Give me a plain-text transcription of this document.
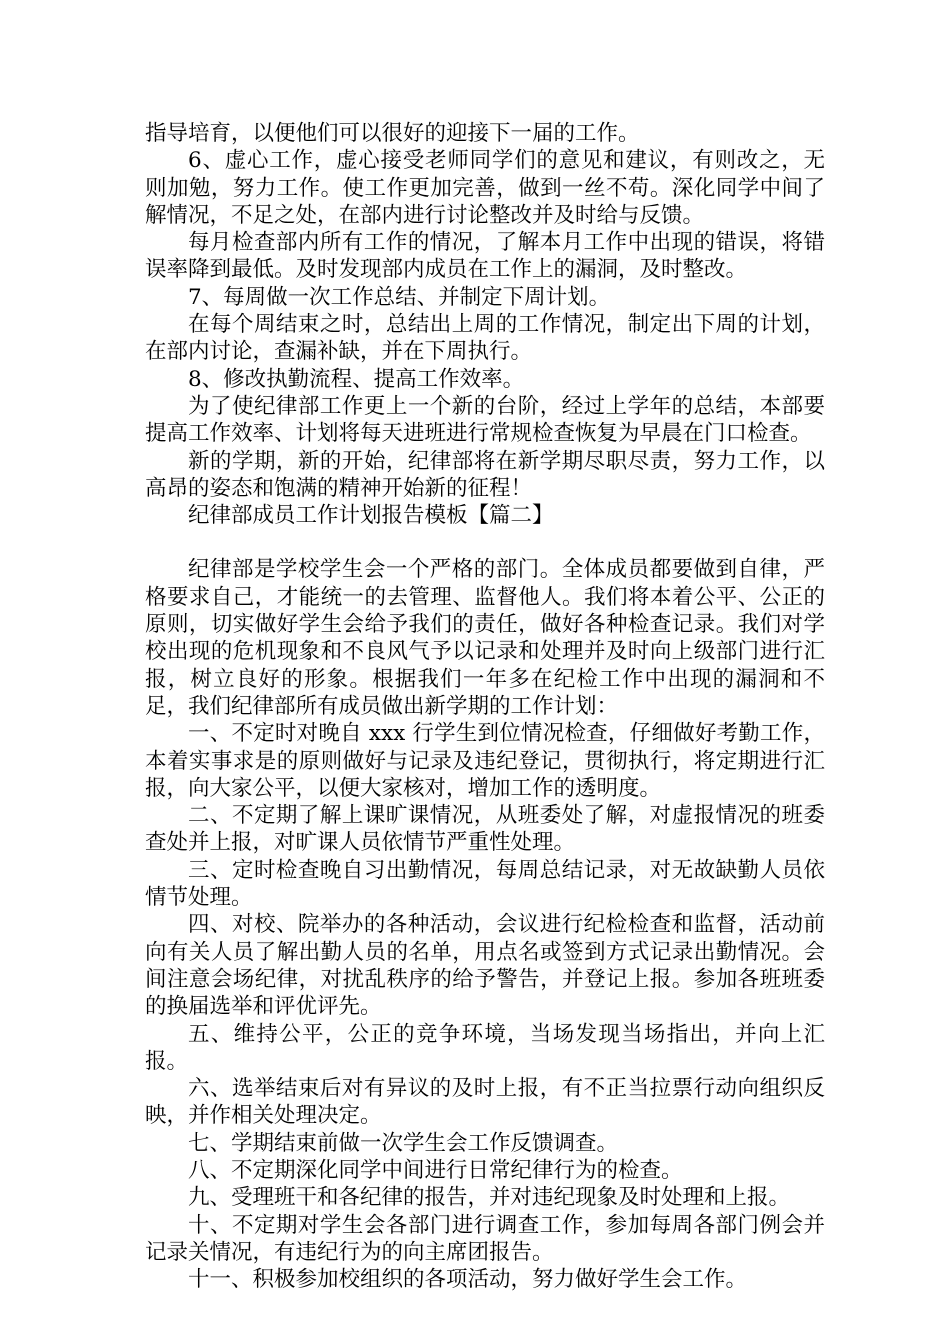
指导培育，以便他们可以很好的迎接下一届的工作。

6、虚心工作，虚心接受老师同学们的意见和建议，有则改之，无则加勉，努力工作。使工作更加完善，做到一丝不苟。深化同学中间了解情况，不足之处，在部内进行讨论整改并及时给与反馈。

每月检查部内所有工作的情况，了解本月工作中出现的错误，将错误率降到最低。及时发现部内成员在工作上的漏洞，及时整改。

7、每周做一次工作总结、并制定下周计划。

在每个周结束之时，总结出上周的工作情况，制定出下周的计划，在部内讨论，查漏补缺，并在下周执行。

8、修改执勤流程、提高工作效率。

为了使纪律部工作更上一个新的台阶，经过上学年的总结，本部要提高工作效率、计划将每天进班进行常规检查恢复为早晨在门口检查。

新的学期，新的开始，纪律部将在新学期尽职尽责，努力工作，以高昂的姿态和饱满的精神开始新的征程！

纪律部成员工作计划报告模板【篇二】

纪律部是学校学生会一个严格的部门。全体成员都要做到自律，严格要求自己，才能统一的去管理、监督他人。我们将本着公平、公正的原则，切实做好学生会给予我们的责任，做好各种检查记录。我们对学校出现的危机现象和不良风气予以记录和处理并及时向上级部门进行汇报，树立良好的形象。根据我们一年多在纪检工作中出现的漏洞和不足，我们纪律部所有成员做出新学期的工作计划：

一、不定时对晚自 xxx 行学生到位情况检查，仔细做好考勤工作，本着实事求是的原则做好与记录及违纪登记，贯彻执行，将定期进行汇报，向大家公平，以便大家核对，增加工作的透明度。

二、不定期了解上课旷课情况，从班委处了解，对虚报情况的班委查处并上报，对旷课人员依情节严重性处理。

三、定时检查晚自习出勤情况，每周总结记录，对无故缺勤人员依情节处理。

四、对校、院举办的各种活动，会议进行纪检检查和监督，活动前向有关人员了解出勤人员的名单，用点名或签到方式记录出勤情况。会间注意会场纪律，对扰乱秩序的给予警告，并登记上报。参加各班班委的换届选举和评优评先。

五、维持公平，公正的竞争环境，当场发现当场指出，并向上汇报。

六、选举结束后对有异议的及时上报，有不正当拉票行动向组织反映，并作相关处理决定。

七、学期结束前做一次学生会工作反馈调查。

八、不定期深化同学中间进行日常纪律行为的检查。

九、受理班干和各纪律的报告，并对违纪现象及时处理和上报。

十、不定期对学生会各部门进行调查工作，参加每周各部门例会并记录关情况，有违纪行为的向主席团报告。

十一、积极参加校组织的各项活动，努力做好学生会工作。
